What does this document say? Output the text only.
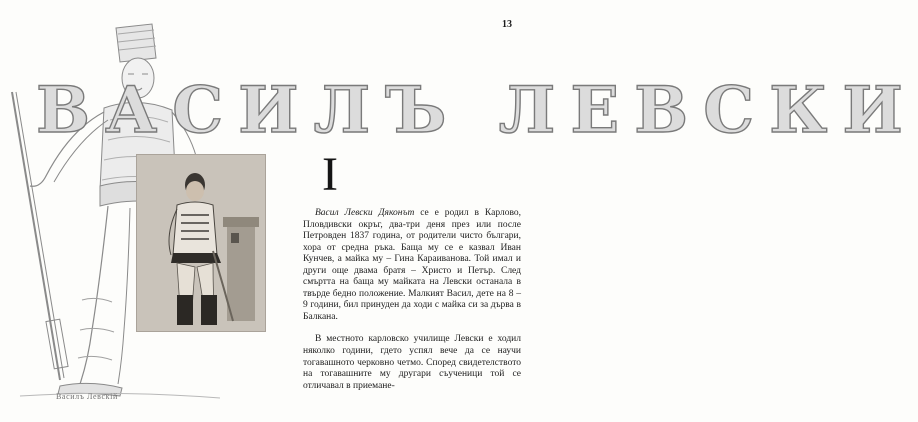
13
ВАСИЛЪ ЛЕВСКИ
I

Васил Левски Дяконът се е родил в Карлово, Пловдивски окръг, два-три деня през или после Петровден 1837 година, от родители чисто българи, хора от средна ръка. Баща му се е казвал Иван Кунчев, а майка му – Гина Караиванова. Той имал и други още двама братя – Христо и Петър. След смъртта на баща му майката на Левски останала в твърде бедно положение. Малкият Васил, дете на 8 – 9 години, бил принуден да ходи с майка си за дърва в Балкана.

В местното карловско училище Левски е ходил няколко години, гдето успял вече да се научи тогавашното черковно четмо. Според свидетелството на тогавашните му другари съученици той се отличавал в приемане-

Василъ Левскій
